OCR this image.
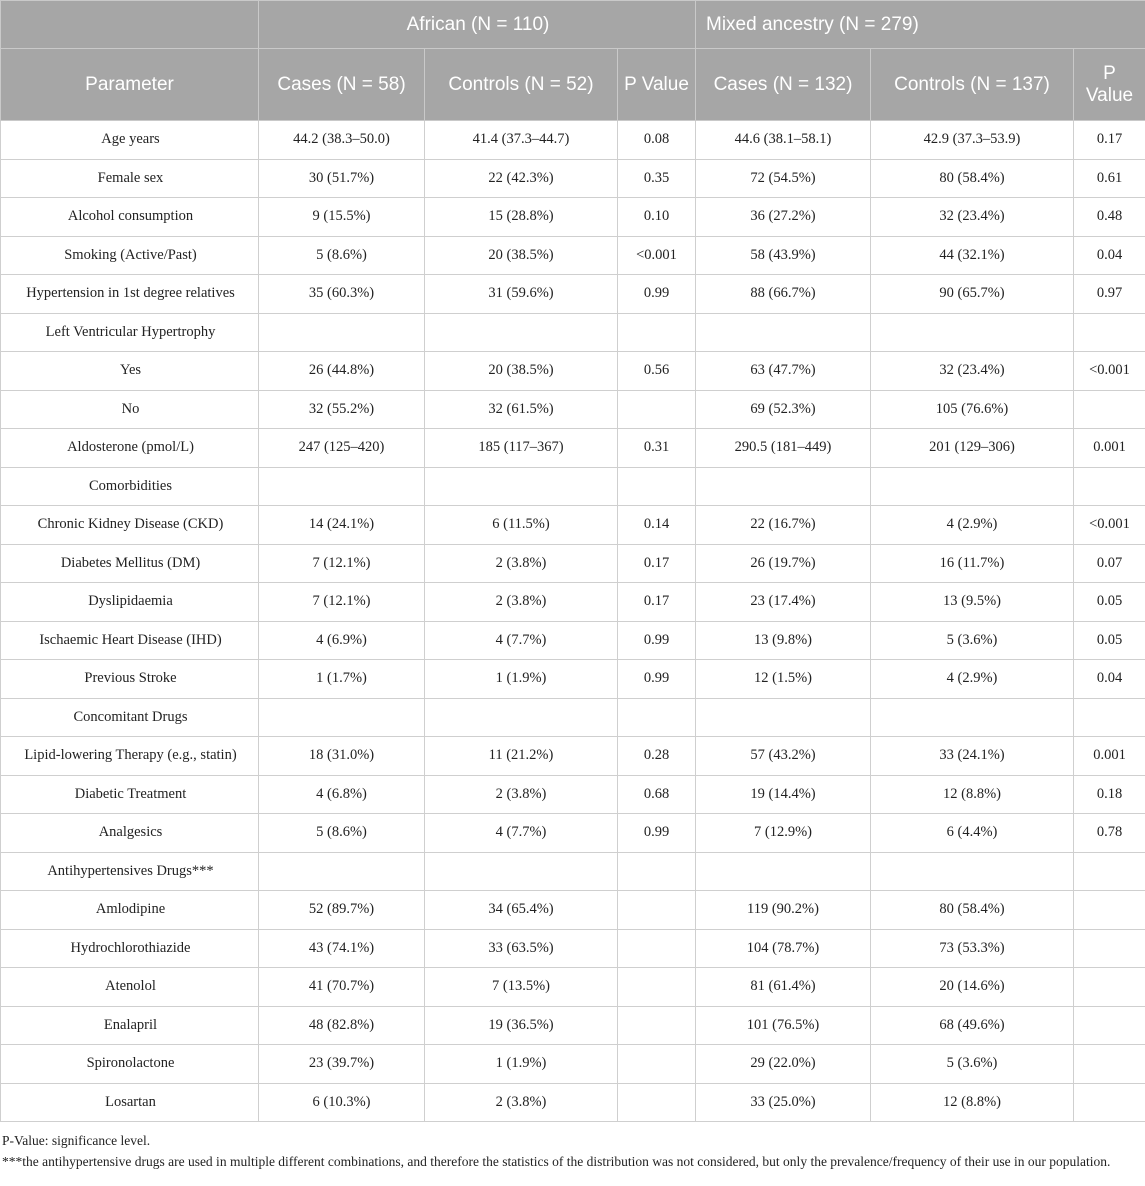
	African (N = 110)			Mixed ancestry (N = 279)		
Parameter	Cases (N = 58)	Controls (N = 52)	P Value	Cases (N = 132)	Controls (N = 137)	P Value
Age years	44.2 (38.3–50.0)	41.4 (37.3–44.7)	0.08	44.6 (38.1–58.1)	42.9 (37.3–53.9)	0.17
Female sex	30 (51.7%)	22 (42.3%)	0.35	72 (54.5%)	80 (58.4%)	0.61
Alcohol consumption	9 (15.5%)	15 (28.8%)	0.10	36 (27.2%)	32 (23.4%)	0.48
Smoking (Active/Past)	5 (8.6%)	20 (38.5%)	<0.001	58 (43.9%)	44 (32.1%)	0.04
Hypertension in 1st degree relatives	35 (60.3%)	31 (59.6%)	0.99	88 (66.7%)	90 (65.7%)	0.97
Left Ventricular Hypertrophy						
Yes	26 (44.8%)	20 (38.5%)	0.56	63 (47.7%)	32 (23.4%)	<0.001
No	32 (55.2%)	32 (61.5%)		69 (52.3%)	105 (76.6%)	
Aldosterone (pmol/L)	247 (125–420)	185 (117–367)	0.31	290.5 (181–449)	201 (129–306)	0.001
Comorbidities						
Chronic Kidney Disease (CKD)	14 (24.1%)	6 (11.5%)	0.14	22 (16.7%)	4 (2.9%)	<0.001
Diabetes Mellitus (DM)	7 (12.1%)	2 (3.8%)	0.17	26 (19.7%)	16 (11.7%)	0.07
Dyslipidaemia	7 (12.1%)	2 (3.8%)	0.17	23 (17.4%)	13 (9.5%)	0.05
Ischaemic Heart Disease (IHD)	4 (6.9%)	4 (7.7%)	0.99	13 (9.8%)	5 (3.6%)	0.05
Previous Stroke	1 (1.7%)	1 (1.9%)	0.99	12 (1.5%)	4 (2.9%)	0.04
Concomitant Drugs						
Lipid-lowering Therapy (e.g., statin)	18 (31.0%)	11 (21.2%)	0.28	57 (43.2%)	33 (24.1%)	0.001
Diabetic Treatment	4 (6.8%)	2 (3.8%)	0.68	19 (14.4%)	12 (8.8%)	0.18
Analgesics	5 (8.6%)	4 (7.7%)	0.99	7 (12.9%)	6 (4.4%)	0.78
Antihypertensives Drugs***						
Amlodipine	52 (89.7%)	34 (65.4%)		119 (90.2%)	80 (58.4%)	
Hydrochlorothiazide	43 (74.1%)	33 (63.5%)		104 (78.7%)	73 (53.3%)	
Atenolol	41 (70.7%)	7 (13.5%)		81 (61.4%)	20 (14.6%)	
Enalapril	48 (82.8%)	19 (36.5%)		101 (76.5%)	68 (49.6%)	
Spironolactone	23 (39.7%)	1 (1.9%)		29 (22.0%)	5 (3.6%)	
Losartan	6 (10.3%)	2 (3.8%)		33 (25.0%)	12 (8.8%)	

P-Value: significance level.

***the antihypertensive drugs are used in multiple different combinations, and therefore the statistics of the distribution was not considered, but only the prevalence/frequency of their use in our population.
